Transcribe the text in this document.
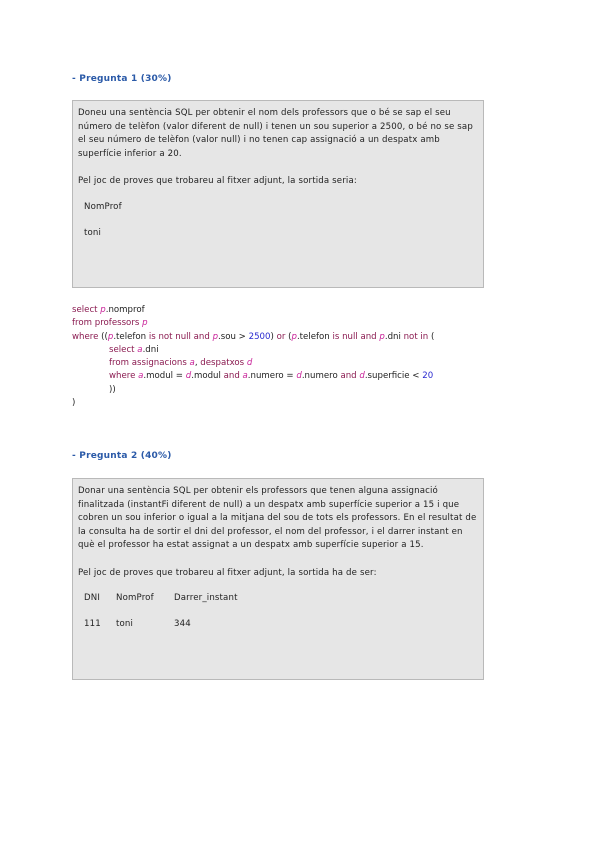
- Pregunta 1 (30%)

Doneu una sentència SQL per obtenir el nom dels professors que o bé se sap el seu número de telèfon (valor diferent de null) i tenen un sou superior a 2500, o bé no se sap el seu número de telèfon (valor null) i no tenen cap assignació a un despatx amb superfície inferior a 20.

Pel joc de proves que trobareu al fitxer adjunt, la sortida seria:

NomProf
toni
select p.nomprof
from professors p
where ((p.telefon is not null and p.sou > 2500) or (p.telefon is null and p.dni not in (
select a.dni
from assignacions a, despatxos d
where a.modul = d.modul and a.numero = d.numero and d.superficie < 20
))
)
- Pregunta 2 (40%)

Donar una sentència SQL per obtenir els professors que tenen alguna assignació finalitzada (instantFi diferent de null) a un despatx amb superfície superior a 15 i que cobren un sou inferior o igual a la mitjana del sou de tots els professors. En el resultat de la consulta ha de sortir el dni del professor, el nom del professor, i el darrer instant en què el professor ha estat assignat a un despatx amb superfície superior a 15.

Pel joc de proves que trobareu al fitxer adjunt, la sortida ha de ser:

DNI	NomProf	Darrer_instant
111	toni	344
